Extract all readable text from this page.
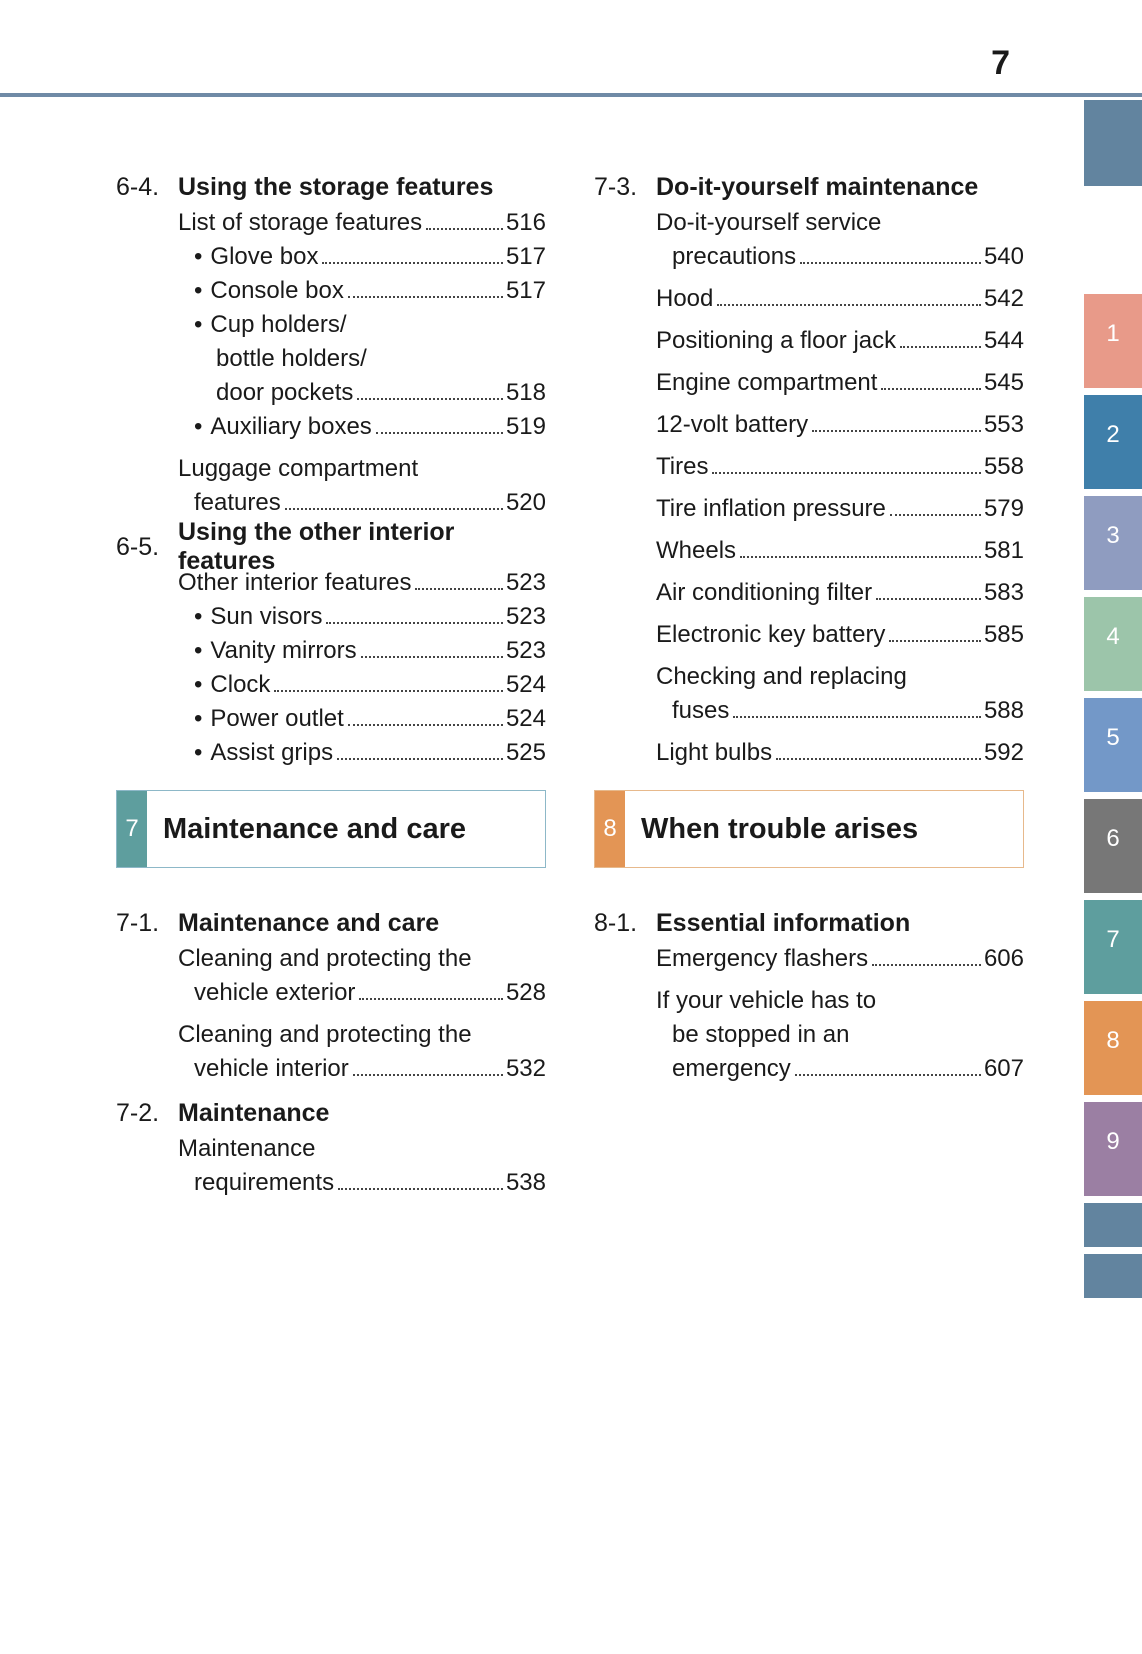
7
6-4. Using the storage features
List of storage features	516
• Glove box	517
• Console box	517
• Cup holders/
bottle holders/
door pockets	518
• Auxiliary boxes	519
Luggage compartment
features	520
6-5.
Using the other interior features
Other interior features	523
• Sun visors	523
• Vanity mirrors	523
• Clock	524
• Power outlet	524
• Assist grips	525
7 Maintenance and care
7-1. Maintenance and care
Cleaning and protecting the
vehicle exterior	528
Cleaning and protecting the
vehicle interior	532
7-2. Maintenance
Maintenance
requirements	538
7-3. Do-it-yourself maintenance
Do-it-yourself service
precautions	540
Hood	542
Positioning a floor jack	544
Engine compartment	545
12-volt battery	553
Tires	558
Tire inflation pressure	579
Wheels	581
Air conditioning filter	583
Electronic key battery	585
Checking and replacing
fuses	588
Light bulbs	592
8 When trouble arises
8-1. Essential information
Emergency flashers	606
If your vehicle has to
be stopped in an
emergency	607
1
2
3
4
5
6
7
8
9
